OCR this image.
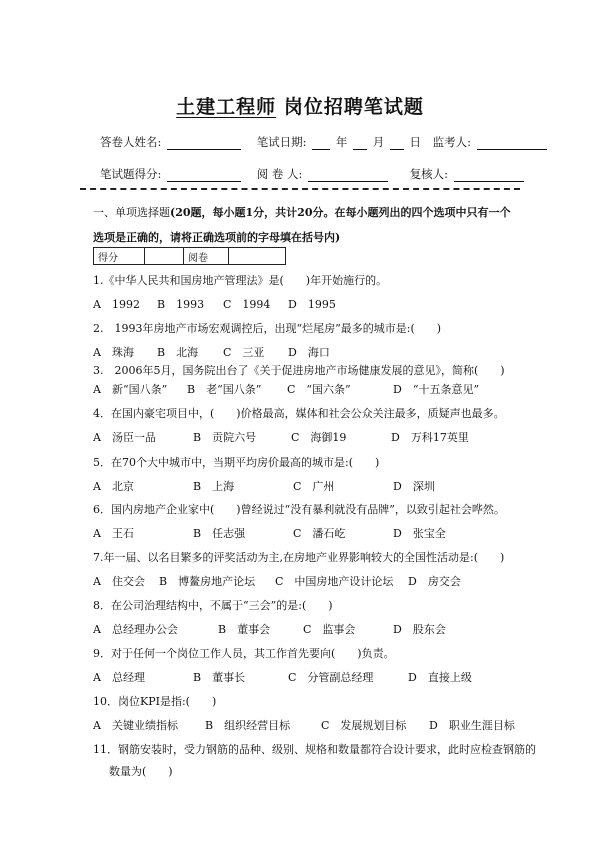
土建工程师 岗位招聘笔试题
答卷人姓名:	笔试日期:	年 月 日 监考人:
笔试题得分:	阅 卷 人:	复核人:
一、单项选择题(20题，每小题1分，共计20分。在每小题列出的四个选项中只有一个
选项是正确的，请将正确选项前的字母填在括号内)
得分		阅卷	
1.《中华人民共和国房地产管理法》是(　　)年开始施行的。
A　1992 B　1993 C　1994 D　1995
2.　1993年房地产市场宏观调控后，出现“烂尾房”最多的城市是:(　　)
A　珠海 B　北海 C　三亚 D　海口
3.　2006年5月，国务院出台了《关于促进房地产市场健康发展的意见》，简称(　　)
A　新“国八条” B　老“国八条” C　“国六条”	D　“十五条意见”
4．在国内豪宅项目中，(　　)价格最高，媒体和社会公众关注最多，质疑声也最多。
A　汤臣一品	B　贡院六号	C　海御19	D　万科17英里
5．在70个大中城市中，当期平均房价最高的城市是:(　　)
A　北京	B　上海	C　广州	D　深圳
6．国内房地产企业家中(　　)曾经说过“没有暴利就没有品牌”，以致引起社会哗然。
A　王石	B　任志强	C　潘石屹	D　张宝全
7.年一届、以名目繁多的评奖活动为主,在房地产业界影响较大的全国性活动是:(　　)
A　住交会 B　博鳌房地产论坛 C　中国房地产设计论坛 D　房交会
8．在公司治理结构中，不属于“三会”的是:(　　)
A　总经理办公会	B　董事会	C　监事会	D　股东会
9．对于任何一个岗位工作人员，其工作首先要向(　　)负责。
A　总经理	B　董事长	C　分管副总经理	D　直接上级
10．岗位KPI是指:(　　)
A　关键业绩指标 B　组织经营目标	C　发展规划目标 D　职业生涯目标
11．钢筋安装时，受力钢筋的品种、级别、规格和数量都符合设计要求，此时应检查钢筋的
数量为(　　)
